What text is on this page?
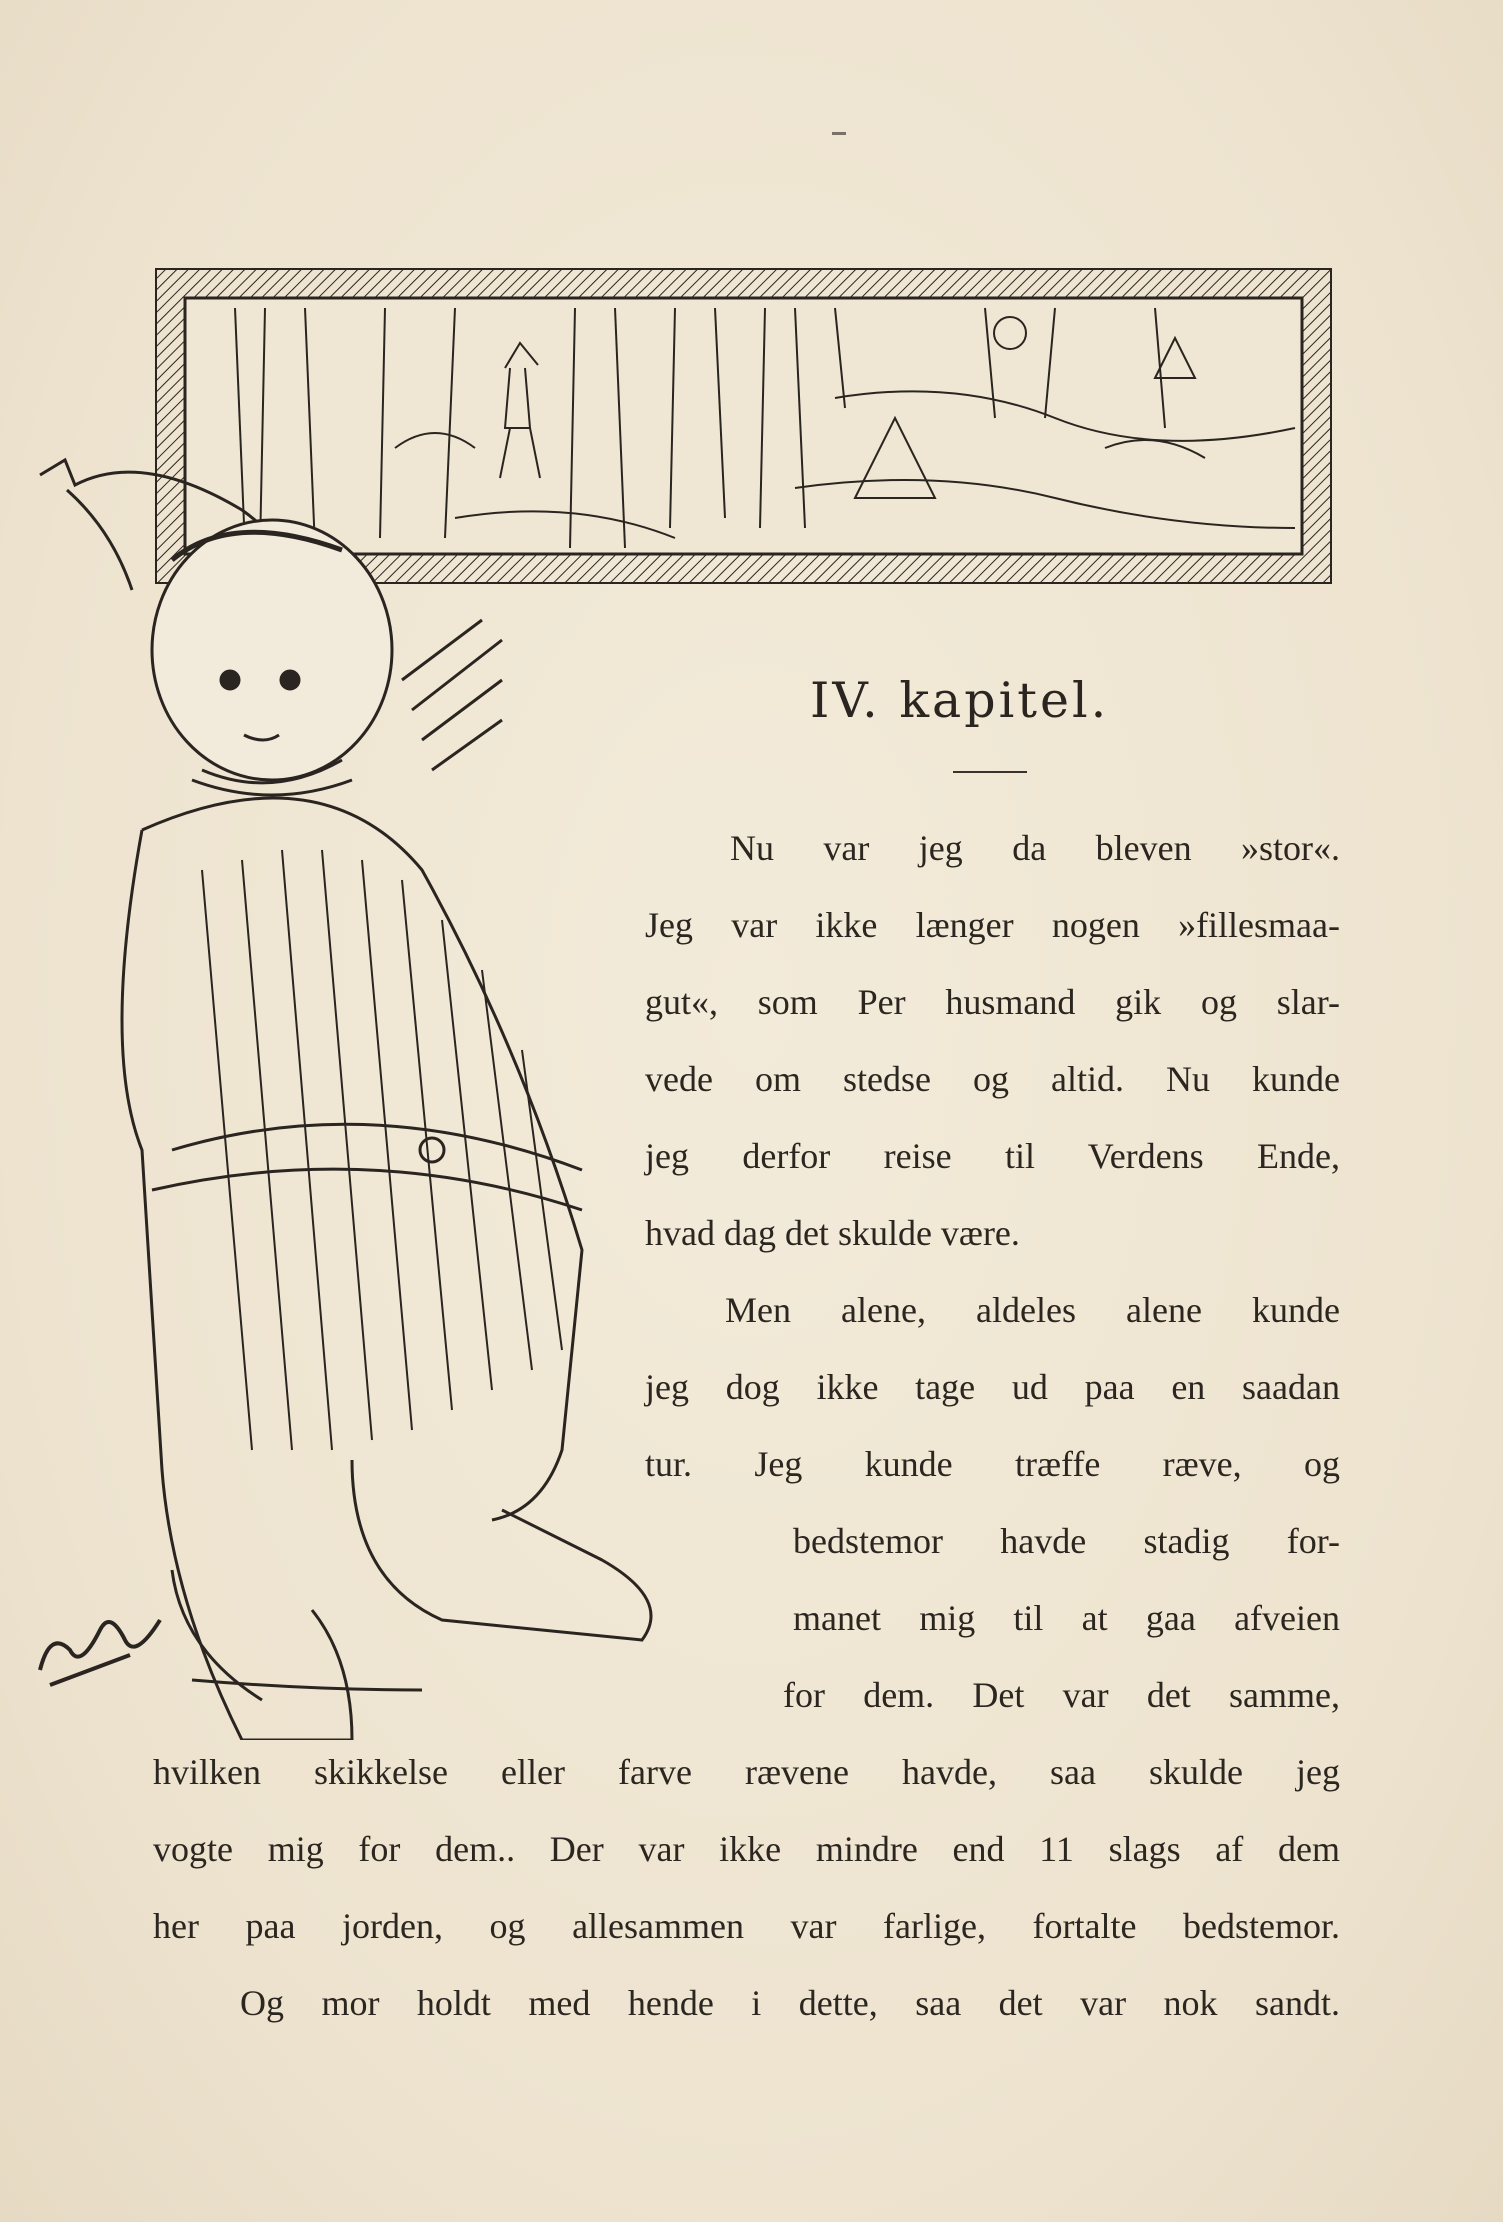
IV. kapitel.
Nu var jeg da bleven »stor«.
Jeg var ikke længer nogen »fillesmaa-
gut«, som Per husmand gik og slar-
vede om stedse og altid. Nu kunde
jeg derfor reise til Verdens Ende,
hvad dag det skulde være.
Men alene, aldeles alene kunde
jeg dog ikke tage ud paa en saadan
tur. Jeg kunde træffe ræve, og
bedstemor havde stadig for-
manet mig til at gaa afveien
for dem. Det var det samme,
hvilken skikkelse eller farve rævene havde, saa skulde jeg
vogte mig for dem.. Der var ikke mindre end 11 slags af dem
her paa jorden, og allesammen var farlige, fortalte bedstemor.
Og mor holdt med hende i dette, saa det var nok sandt.
